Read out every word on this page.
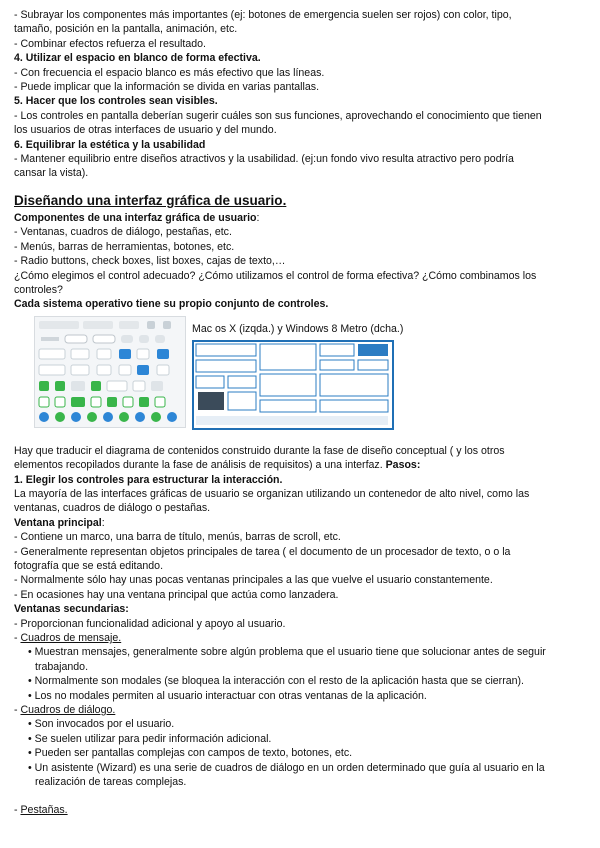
- Subrayar los componentes más importantes (ej: botones de emergencia suelen ser rojos) con color, tipo,

tamaño, posición en la pantalla, animación, etc.

- Combinar efectos refuerza el resultado.

4. Utilizar el espacio en blanco de forma efectiva.

- Con frecuencia el espacio blanco es más efectivo que las líneas.

- Puede implicar que la información se divida en varias pantallas.

5. Hacer que los controles sean visibles.

- Los controles en pantalla deberían sugerir cuáles son sus funciones, aprovechando el conocimiento que tienen

los usuarios de otras interfaces de usuario y del mundo.

6. Equilibrar la estética y la usabilidad

- Mantener equilibrio entre diseños atractivos y la usabilidad. (ej:un fondo vivo resulta atractivo pero podría

cansar la vista).

Diseñando una interfaz gráfica de usuario.

Componentes de una interfaz gráfica de usuario:

- Ventanas, cuadros de diálogo, pestañas, etc.

- Menús, barras de herramientas, botones, etc.

- Radio buttons, check boxes, list boxes, cajas de texto,…

¿Cómo elegimos el control adecuado? ¿Cómo utilizamos el control de forma efectiva? ¿Cómo combinamos los

controles?

Cada sistema operativo tiene su propio conjunto de controles.

Mac os X (izqda.) y Windows 8 Metro (dcha.)

Hay que traducir el diagrama de contenidos construido durante la fase de diseño conceptual ( y los otros

elementos recopilados durante la fase de análisis de requisitos) a una interfaz. Pasos:

1. Elegir los controles para estructurar la interacción.

La mayoría de las interfaces gráficas de usuario se organizan utilizando un contenedor de alto nivel, como las

ventanas, cuadros de diálogo o pestañas.

Ventana principal:

- Contiene un marco, una barra de título, menús, barras de scroll, etc.

- Generalmente representan objetos principales de tarea ( el documento de un procesador de texto, o o la

fotografía que se está editando.

- Normalmente sólo hay unas pocas ventanas principales a las que vuelve el usuario constantemente.

- En ocasiones hay una ventana principal que actúa como lanzadera.

Ventanas secundarias:

- Proporcionan funcionalidad adicional y apoyo al usuario.

- Cuadros de mensaje.

• Muestran mensajes, generalmente sobre algún problema que el usuario tiene que solucionar antes de seguir trabajando.

• Normalmente son modales (se bloquea la interacción con el resto de la aplicación hasta que se cierran).

• Los no modales permiten al usuario interactuar con otras ventanas de la aplicación.

- Cuadros de diálogo.

• Son invocados por el usuario.

• Se suelen utilizar para pedir información adicional.

• Pueden ser pantallas complejas con campos de texto, botones, etc.

• Un asistente (Wizard) es una serie de cuadros de diálogo en un orden determinado que guía al usuario en la realización de tareas complejas.

- Pestañas.
